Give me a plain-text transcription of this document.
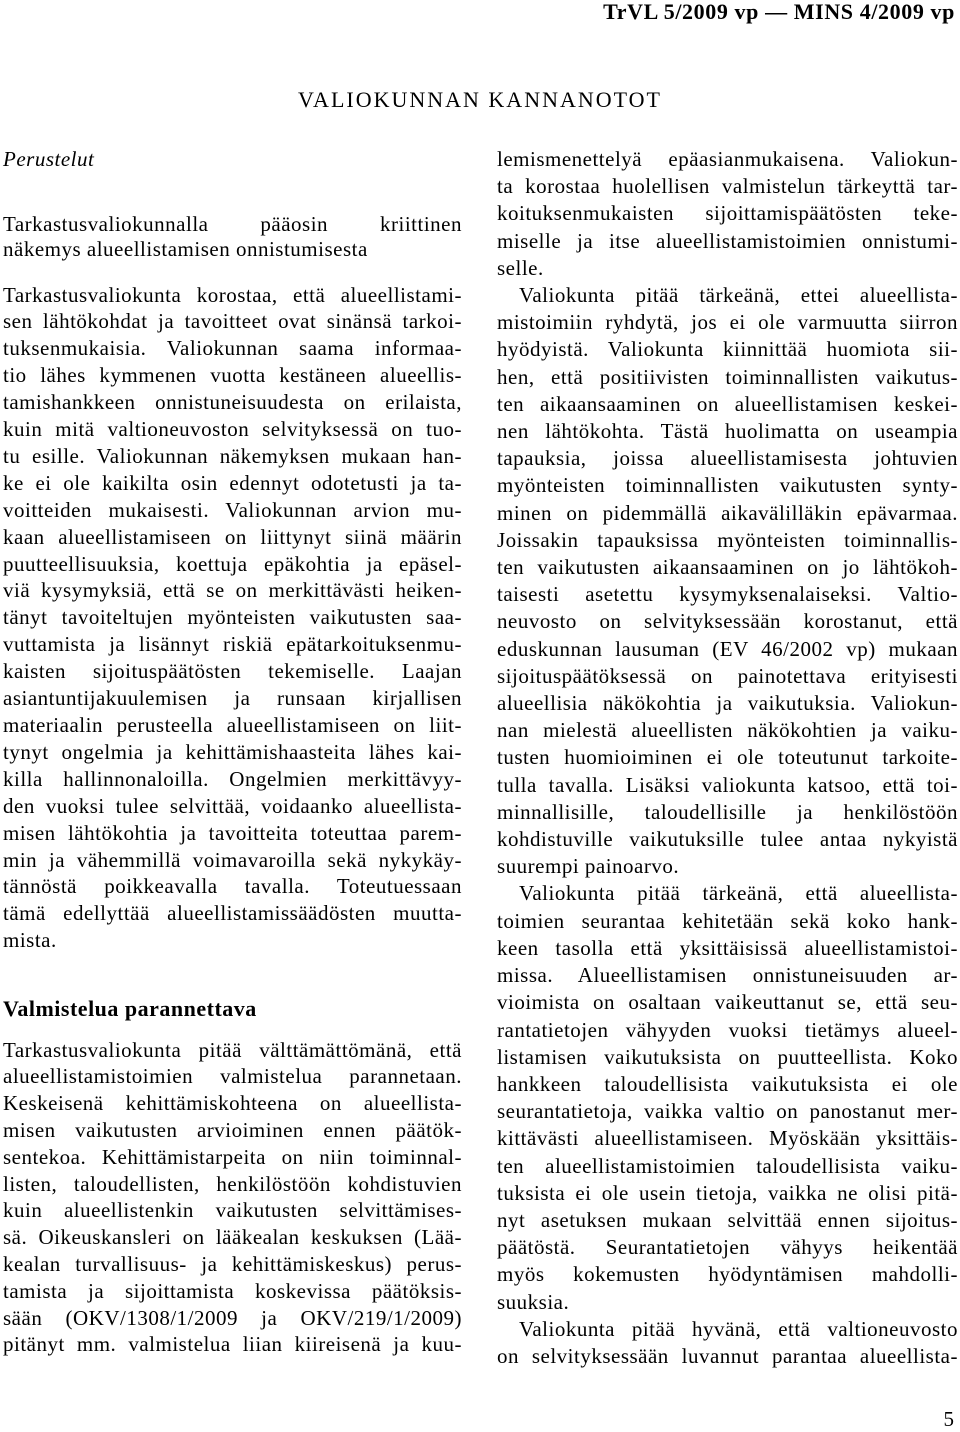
TrVL 5/2009 vp — MINS 4/2009 vp
VALIOKUNNAN KANNANOTOT
Perustelut
Tarkastusvaliokunnalla pääosin kriittinen
näkemys alueellistamisen onnistumisesta
Tarkastusvaliokunta korostaa, että alueellistami-
sen lähtökohdat ja tavoitteet ovat sinänsä tarkoi-
tuksenmukaisia. Valiokunnan saama informaa-
tio lähes kymmenen vuotta kestäneen alueellis-
tamishankkeen onnistuneisuudesta on erilaista,
kuin mitä valtioneuvoston selvityksessä on tuo-
tu esille. Valiokunnan näkemyksen mukaan han-
ke ei ole kaikilta osin edennyt odotetusti ja ta-
voitteiden mukaisesti. Valiokunnan arvion mu-
kaan alueellistamiseen on liittynyt siinä määrin
puutteellisuuksia, koettuja epäkohtia ja epäsel-
viä kysymyksiä, että se on merkittävästi heiken-
tänyt tavoiteltujen myönteisten vaikutusten saa-
vuttamista ja lisännyt riskiä epätarkoituksenmu-
kaisten sijoituspäätösten tekemiselle. Laajan
asiantuntijakuulemisen ja runsaan kirjallisen
materiaalin perusteella alueellistamiseen on liit-
tynyt ongelmia ja kehittämishaasteita lähes kai-
killa hallinnonaloilla. Ongelmien merkittävyy-
den vuoksi tulee selvittää, voidaanko alueellista-
misen lähtökohtia ja tavoitteita toteuttaa parem-
min ja vähemmillä voimavaroilla sekä nykykäy-
tännöstä poikkeavalla tavalla. Toteutuessaan
tämä edellyttää alueellistamissäädösten muutta-
mista.
Valmistelua parannettava
Tarkastusvaliokunta pitää välttämättömänä, että
alueellistamistoimien valmistelua parannetaan.
Keskeisenä kehittämiskohteena on alueellista-
misen vaikutusten arvioiminen ennen päätök-
sentekoa. Kehittämistarpeita on niin toiminnal-
listen, taloudellisten, henkilöstöön kohdistuvien
kuin alueellistenkin vaikutusten selvittämises-
sä. Oikeuskansleri on lääkealan keskuksen (Lää-
kealan turvallisuus- ja kehittämiskeskus) perus-
tamista ja sijoittamista koskevissa päätöksis-
sään (OKV/1308/1/2009 ja OKV/219/1/2009)
pitänyt mm. valmistelua liian kiireisenä ja kuu-
lemismenettelyä epäasianmukaisena. Valiokun-
ta korostaa huolellisen valmistelun tärkeyttä tar-
koituksenmukaisten sijoittamispäätösten teke-
miselle ja itse alueellistamistoimien onnistumi-
selle.
Valiokunta pitää tärkeänä, ettei alueellista-
mistoimiin ryhdytä, jos ei ole varmuutta siirron
hyödyistä. Valiokunta kiinnittää huomiota sii-
hen, että positiivisten toiminnallisten vaikutus-
ten aikaansaaminen on alueellistamisen keskei-
nen lähtökohta. Tästä huolimatta on useampia
tapauksia, joissa alueellistamisesta johtuvien
myönteisten toiminnallisten vaikutusten synty-
minen on pidemmällä aikavälilläkin epävarmaa.
Joissakin tapauksissa myönteisten toiminnallis-
ten vaikutusten aikaansaaminen on jo lähtökoh-
taisesti asetettu kysymyksenalaiseksi. Valtio-
neuvosto on selvityksessään korostanut, että
eduskunnan lausuman (EV 46/2002 vp) mukaan
sijoituspäätöksessä on painotettava erityisesti
alueellisia näkökohtia ja vaikutuksia. Valiokun-
nan mielestä alueellisten näkökohtien ja vaiku-
tusten huomioiminen ei ole toteutunut tarkoite-
tulla tavalla. Lisäksi valiokunta katsoo, että toi-
minnallisille, taloudellisille ja henkilöstöön
kohdistuville vaikutuksille tulee antaa nykyistä
suurempi painoarvo.
Valiokunta pitää tärkeänä, että alueellista-
toimien seurantaa kehitetään sekä koko hank-
keen tasolla että yksittäisissä alueellistamistoi-
missa. Alueellistamisen onnistuneisuuden ar-
vioimista on osaltaan vaikeuttanut se, että seu-
rantatietojen vähyyden vuoksi tietämys alueel-
listamisen vaikutuksista on puutteellista. Koko
hankkeen taloudellisista vaikutuksista ei ole
seurantatietoja, vaikka valtio on panostanut mer-
kittävästi alueellistamiseen. Myöskään yksittäis-
ten alueellistamistoimien taloudellisista vaiku-
tuksista ei ole usein tietoja, vaikka ne olisi pitä-
nyt asetuksen mukaan selvittää ennen sijoitus-
päätöstä. Seurantatietojen vähyys heikentää
myös kokemusten hyödyntämisen mahdolli-
suuksia.
Valiokunta pitää hyvänä, että valtioneuvosto
on selvityksessään luvannut parantaa alueellista-
5
